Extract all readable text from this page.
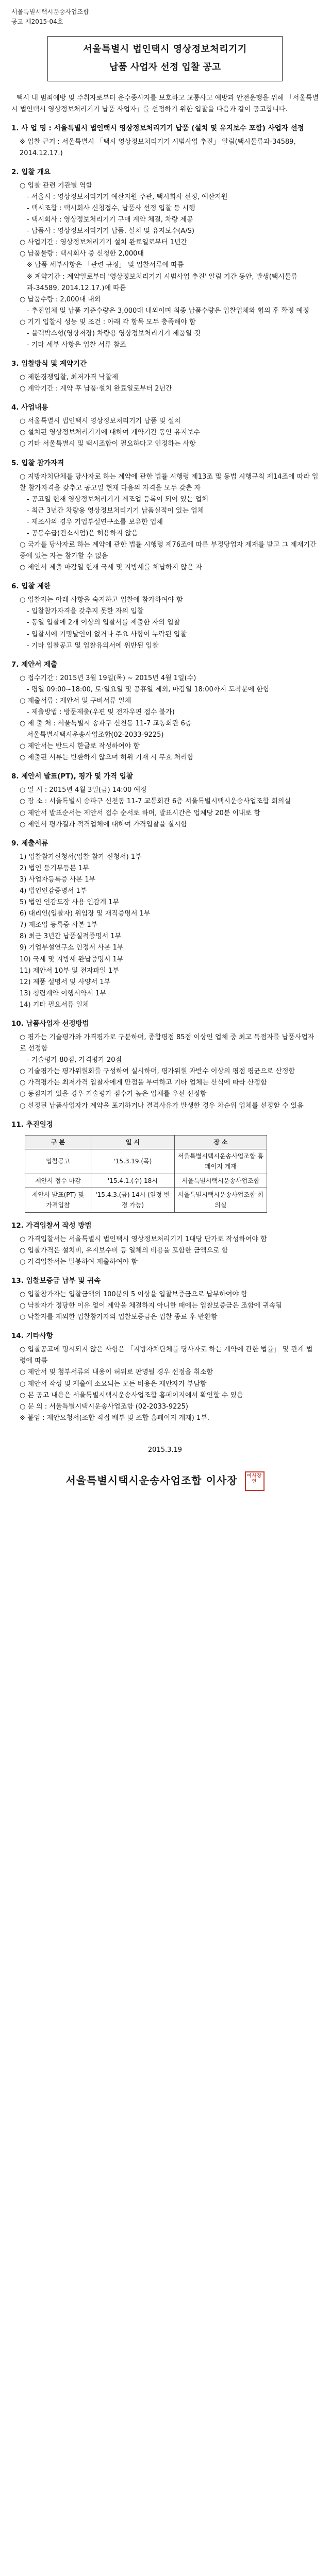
서울특별시택시운송사업조합
공고 제2015-04호
서울특별시 법인택시 영상정보처리기기
납품 사업자 선정 입찰 공고

택시 내 범죄예방 및 주취자로부터 운수종사자를 보호하고 교통사고 예방과 안전운행을 위해 「서울특별시 법인택시 영상정보처리기기 납품 사업자」를 선정하기 위한 입찰을 다음과 같이 공고합니다.

1. 사 업 명 : 서울특별시 법인택시 영상정보처리기기 납품 (설치 및 유지보수 포함) 사업자 선정
※ 입찰 근거 : 서울특별시 「택시 영상정보처리기기 시범사업 추진」 알림(택시물류과-34589, 2014.12.17.)
2. 입찰 개요
○ 입찰 관련 기관별 역할
- 서울시 : 영상정보처리기기 예산지원 주관, 택시회사 선정, 예산지원
- 택시조합 : 택시회사 신청접수, 납품사 선정 입찰 등 시행
- 택시회사 : 영상정보처리기기 구매 계약 체결, 차량 제공
- 납품사 : 영상정보처리기기 납품, 설치 및 유지보수(A/S)
○ 사업기간 : 영상정보처리기기 설치 완료일로부터 1년간
○ 납품물량 : 택시회사 중 신청한 2,000대
※ 납품 세부사항은 「관련 규정」 및 입찰서류에 따름
※ 계약기간 : 계약일로부터 '영상정보처리기기 시범사업 추진' 알림 기간 동안, 발생(택시물류과-34589, 2014.12.17.)에 따름
○ 납품수량 : 2,000대 내외
- 추진업체 및 납품 기준수량은 3,000대 내외이며 최종 납품수량은 입찰업체와 협의 후 확정 예정
○ 기기 입찰시 성능 및 조건 : 아래 각 항목 모두 충족해야 함
- 블랙박스형(영상저장) 차량용 영상정보처리기기 제품일 것
- 기타 세부 사항은 입찰 서류 참조
3. 입찰방식 및 계약기간
○ 제한경쟁입찰, 최저가격 낙찰제
○ 계약기간 : 계약 후 납품·설치 완료일로부터 2년간
4. 사업내용
○ 서울특별시 법인택시 영상정보처리기기 납품 및 설치
○ 설치된 영상정보처리기기에 대하여 계약기간 동안 유지보수
○ 기타 서울특별시 및 택시조합이 필요하다고 인정하는 사항
5. 입찰 참가자격
○ 지방자치단체를 당사자로 하는 계약에 관한 법률 시행령 제13조 및 동법 시행규칙 제14조에 따라 입찰 참가자격을 갖추고 공고일 현재 다음의 자격을 모두 갖춘 자
- 공고일 현재 영상정보처리기기 제조업 등록이 되어 있는 업체
- 최근 3년간 차량용 영상정보처리기기 납품실적이 있는 업체
- 제조사의 경우 기업부설연구소를 보유한 업체
- 공동수급(컨소시엄)은 허용하지 않음
○ 국가를 당사자로 하는 계약에 관한 법률 시행령 제76조에 따른 부정당업자 제재를 받고 그 제재기간 중에 있는 자는 참가할 수 없음
○ 제안서 제출 마감일 현재 국세 및 지방세를 체납하지 않은 자
6. 입찰 제한
○ 입찰자는 아래 사항을 숙지하고 입찰에 참가하여야 함
- 입찰참가자격을 갖추지 못한 자의 입찰
- 동일 입찰에 2개 이상의 입찰서를 제출한 자의 입찰
- 입찰서에 기명날인이 없거나 주요 사항이 누락된 입찰
- 기타 입찰공고 및 입찰유의서에 위반된 입찰
7. 제안서 제출
○ 접수기간 : 2015년 3월 19일(목) ~ 2015년 4월 1일(수)
- 평일 09:00~18:00, 토·일요일 및 공휴일 제외, 마감일 18:00까지 도착분에 한함
○ 제출서류 : 제안서 및 구비서류 일체
- 제출방법 : 방문제출(우편 및 전자우편 접수 불가)
○ 제 출 처 : 서울특별시 송파구 신천동 11-7 교통회관 6층
서울특별시택시운송사업조합(02-2033-9225)
○ 제안서는 반드시 한글로 작성하여야 함
○ 제출된 서류는 반환하지 않으며 허위 기재 시 무효 처리함
8. 제안서 발표(PT), 평가 및 가격 입찰
○ 일 시 : 2015년 4월 3일(금) 14:00 예정
○ 장 소 : 서울특별시 송파구 신천동 11-7 교통회관 6층 서울특별시택시운송사업조합 회의실
○ 제안서 발표순서는 제안서 접수 순서로 하며, 발표시간은 업체당 20분 이내로 함
○ 제안서 평가결과 적격업체에 대하여 가격입찰을 실시함
9. 제출서류
1) 입찰참가신청서(입찰 참가 신청서) 1부
2) 법인 등기부등본 1부
3) 사업자등록증 사본 1부
4) 법인인감증명서 1부
5) 법인 인감도장 사용 인감계 1부
6) 대리인(입찰자) 위임장 및 재직증명서 1부
7) 제조업 등록증 사본 1부
8) 최근 3년간 납품실적증명서 1부
9) 기업부설연구소 인정서 사본 1부
10) 국세 및 지방세 완납증명서 1부
11) 제안서 10부 및 전자파일 1부
12) 제품 설명서 및 사양서 1부
13) 청렴계약 이행서약서 1부
14) 기타 필요서류 일체
10. 납품사업자 선정방법
○ 평가는 기술평가와 가격평가로 구분하며, 종합평점 85점 이상인 업체 중 최고 득점자를 납품사업자로 선정함
- 기술평가 80점, 가격평가 20점
○ 기술평가는 평가위원회를 구성하여 실시하며, 평가위원 과반수 이상의 평점 평균으로 산정함
○ 가격평가는 최저가격 입찰자에게 만점을 부여하고 기타 업체는 산식에 따라 산정함
○ 동점자가 있을 경우 기술평가 점수가 높은 업체를 우선 선정함
○ 선정된 납품사업자가 계약을 포기하거나 결격사유가 발생한 경우 차순위 업체를 선정할 수 있음
11. 추진일정
구 분	일 시	장 소
입찰공고	'15.3.19.(목)	서울특별시택시운송사업조합 홈페이지 게재
제안서 접수 마감	'15.4.1.(수) 18시	서울특별시택시운송사업조합
제안서 발표(PT) 및 가격입찰	'15.4.3.(금) 14시 (일정 변경 가능)	서울특별시택시운송사업조합 회의실
12. 가격입찰서 작성 방법
○ 가격입찰서는 서울특별시 법인택시 영상정보처리기기 1대당 단가로 작성하여야 함
○ 입찰가격은 설치비, 유지보수비 등 일체의 비용을 포함한 금액으로 함
○ 가격입찰서는 밀봉하여 제출하여야 함
13. 입찰보증금 납부 및 귀속
○ 입찰참가자는 입찰금액의 100분의 5 이상을 입찰보증금으로 납부하여야 함
○ 낙찰자가 정당한 이유 없이 계약을 체결하지 아니한 때에는 입찰보증금은 조합에 귀속됨
○ 낙찰자를 제외한 입찰참가자의 입찰보증금은 입찰 종료 후 반환함
14. 기타사항
○ 입찰공고에 명시되지 않은 사항은 「지방자치단체를 당사자로 하는 계약에 관한 법률」 및 관계 법령에 따름
○ 제안서 및 첨부서류의 내용이 허위로 판명될 경우 선정을 취소함
○ 제안서 작성 및 제출에 소요되는 모든 비용은 제안자가 부담함
○ 본 공고 내용은 서울특별시택시운송사업조합 홈페이지에서 확인할 수 있음
○ 문 의 : 서울특별시택시운송사업조합 (02-2033-9225)
※ 붙임 : 제안요청서(조합 직접 배부 및 조합 홈페이지 게재) 1부.
2015.3.19
서울특별시택시운송사업조합 이사장 이사장 인
